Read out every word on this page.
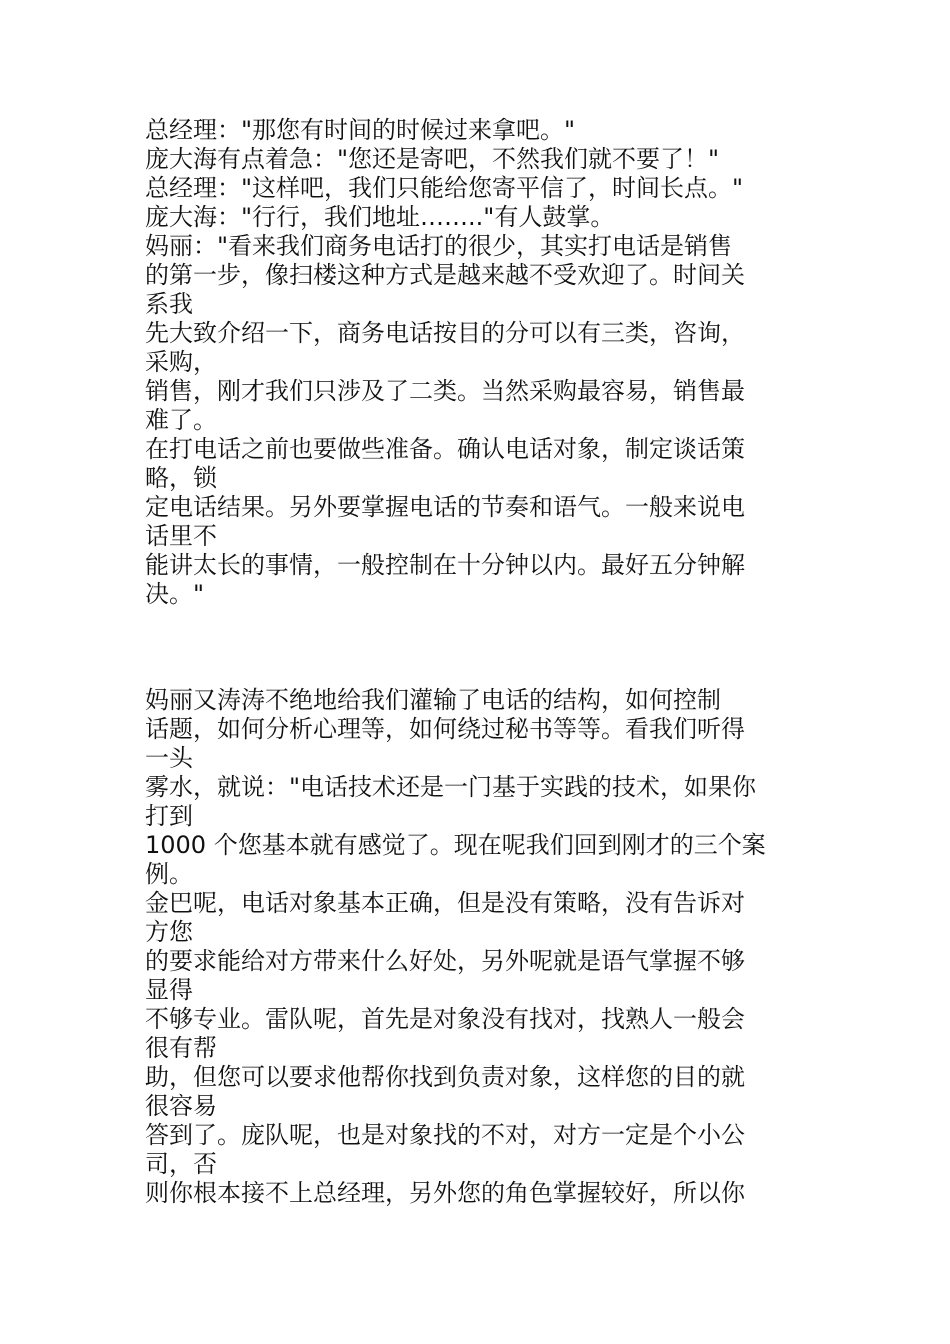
总经理："那您有时间的时候过来拿吧。"
庞大海有点着急："您还是寄吧，不然我们就不要了！"
总经理："这样吧，我们只能给您寄平信了，时间长点。"
庞大海："行行，我们地址…….."有人鼓掌。
妈丽："看来我们商务电话打的很少，其实打电话是销售
的第一步，像扫楼这种方式是越来越不受欢迎了。时间关
系我
先大致介绍一下，商务电话按目的分可以有三类，咨询，
采购，
销售，刚才我们只涉及了二类。当然采购最容易，销售最
难了。
在打电话之前也要做些准备。确认电话对象，制定谈话策
略，锁
定电话结果。另外要掌握电话的节奏和语气。一般来说电
话里不
能讲太长的事情，一般控制在十分钟以内。最好五分钟解
决。"
妈丽又涛涛不绝地给我们灌输了电话的结构，如何控制
话题，如何分析心理等，如何绕过秘书等等。看我们听得
一头
雾水，就说："电话技术还是一门基于实践的技术，如果你
打到
1000 个您基本就有感觉了。现在呢我们回到刚才的三个案
例。
金巴呢，电话对象基本正确，但是没有策略，没有告诉对
方您
的要求能给对方带来什么好处，另外呢就是语气掌握不够
显得
不够专业。雷队呢，首先是对象没有找对，找熟人一般会
很有帮
助，但您可以要求他帮你找到负责对象，这样您的目的就
很容易
答到了。庞队呢，也是对象找的不对，对方一定是个小公
司，否
则你根本接不上总经理，另外您的角色掌握较好，所以你
